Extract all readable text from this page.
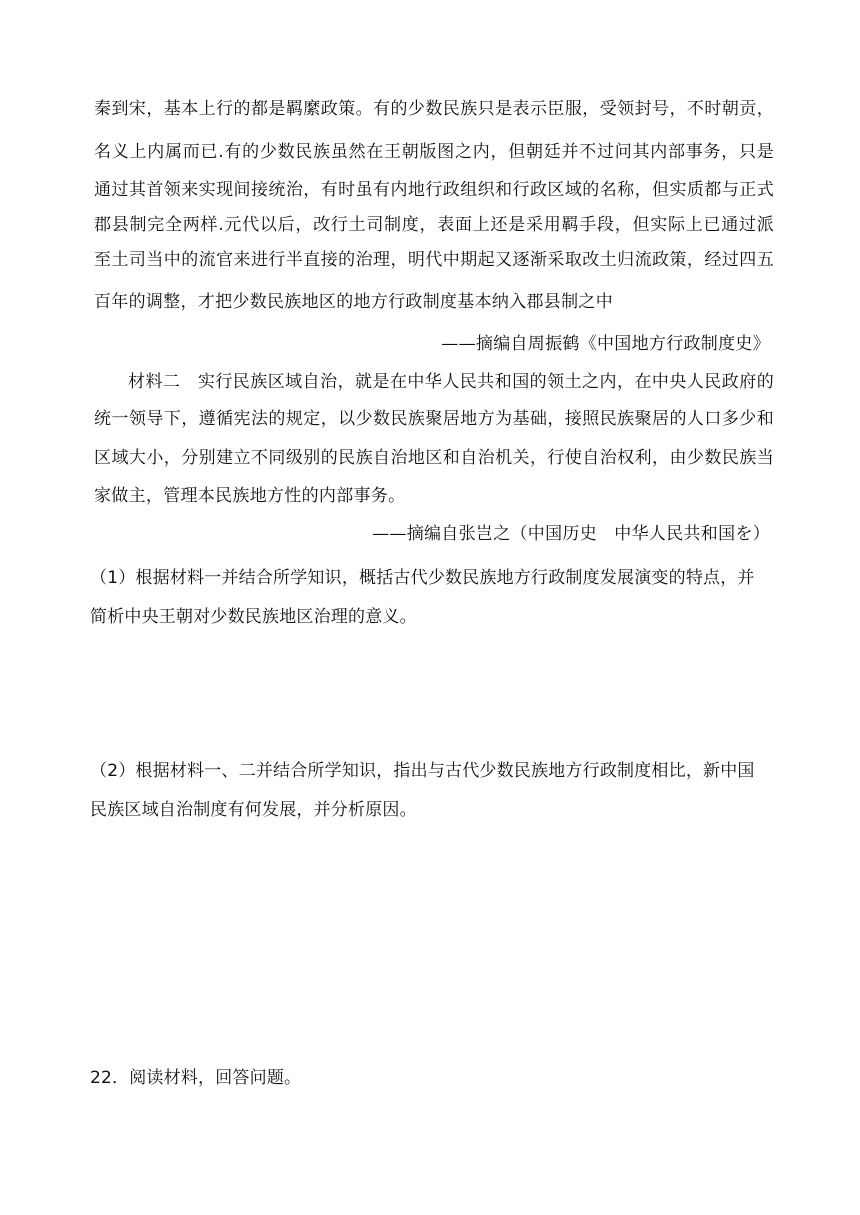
秦到宋，基本上行的都是羁縻政策。有的少数民族只是表示臣服，受领封号，不时朝贡，
名义上内属而已.有的少数民族虽然在王朝版图之内，但朝廷并不过问其内部事务，只是
通过其首领来实现间接统治，有时虽有内地行政组织和行政区域的名称，但实质都与正式
郡县制完全两样.元代以后，改行土司制度，表面上还是采用羁手段，但实际上已通过派
至土司当中的流官来进行半直接的治理，明代中期起又逐渐采取改土归流政策，经过四五
百年的调整，才把少数民族地区的地方行政制度基本纳入郡县制之中
——摘编自周振鹤《中国地方行政制度史》
材料二　实行民族区域自治，就是在中华人民共和国的领土之内，在中央人民政府的
统一领导下，遵循宪法的规定，以少数民族聚居地方为基础，接照民族聚居的人口多少和
区域大小，分别建立不同级别的民族自治地区和自治机关，行使自治权利，由少数民族当
家做主，管理本民族地方性的内部事务。
——摘编自张岂之（中国历史　中华人民共和国を）
（1）根据材料一并结合所学知识，概括古代少数民族地方行政制度发展演变的特点，并
简析中央王朝对少数民族地区治理的意义。
（2）根据材料一、二并结合所学知识，指出与古代少数民族地方行政制度相比，新中国
民族区域自治制度有何发展，并分析原因。
22．阅读材料，回答问题。
